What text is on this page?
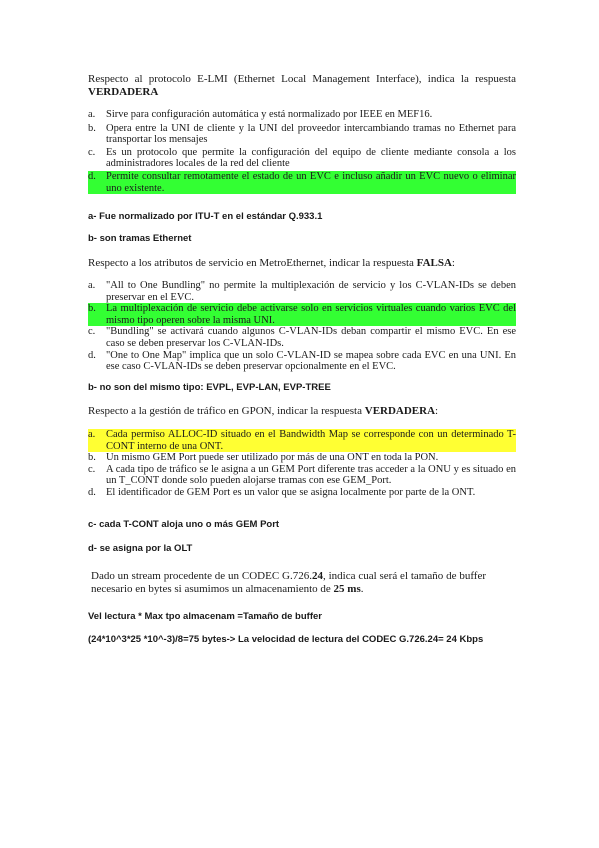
Respecto al protocolo E-LMI (Ethernet Local Management Interface), indica la respuesta VERDADERA
a. Sirve para configuración automática y está normalizado por IEEE en MEF16.
b. Opera entre la UNI de cliente y la UNI del proveedor intercambiando tramas no Ethernet para transportar los mensajes
c. Es un protocolo que permite la configuración del equipo de cliente mediante consola a los administradores locales de la red del cliente
d. Permite consultar remotamente el estado de un EVC e incluso añadir un EVC nuevo o eliminar uno existente.
a- Fue normalizado por ITU-T en el estándar Q.933.1
b- son tramas Ethernet
Respecto a los atributos de servicio en MetroEthernet, indicar la respuesta FALSA:
a. "All to One Bundling" no permite la multiplexación de servicio y los C-VLAN-IDs se deben preservar en el EVC.
b. La multiplexación de servicio debe activarse solo en servicios virtuales cuando varios EVC del mismo tipo operen sobre la misma UNI.
c. "Bundling" se activará cuando algunos C-VLAN-IDs deban compartir el mismo EVC. En ese caso se deben preservar los C-VLAN-IDs.
d. "One to One Map" implica que un solo C-VLAN-ID se mapea sobre cada EVC en una UNI. En ese caso C-VLAN-IDs se deben preservar opcionalmente en el EVC.
b- no son del mismo tipo: EVPL, EVP-LAN, EVP-TREE
Respecto a la gestión de tráfico en GPON, indicar la respuesta VERDADERA:
a. Cada permiso ALLOC-ID situado en el Bandwidth Map se corresponde con un determinado T-CONT interno de una ONT.
b. Un mismo GEM Port puede ser utilizado por más de una ONT en toda la PON.
c. A cada tipo de tráfico se le asigna a un GEM Port diferente tras acceder a la ONU y es situado en un T_CONT donde solo pueden alojarse tramas con ese GEM_Port.
d. El identificador de GEM Port es un valor que se asigna localmente por parte de la ONT.
c- cada T-CONT aloja uno o más GEM Port
d- se asigna por la OLT
Dado un stream procedente de un CODEC G.726.24, indica cual será el tamaño de buffer necesario en bytes si asumimos un almacenamiento de 25 ms.
Vel lectura * Max tpo almacenam =Tamaño de buffer
(24*10^3*25 *10^-3)/8=75 bytes-> La velocidad de lectura del CODEC G.726.24= 24 Kbps
